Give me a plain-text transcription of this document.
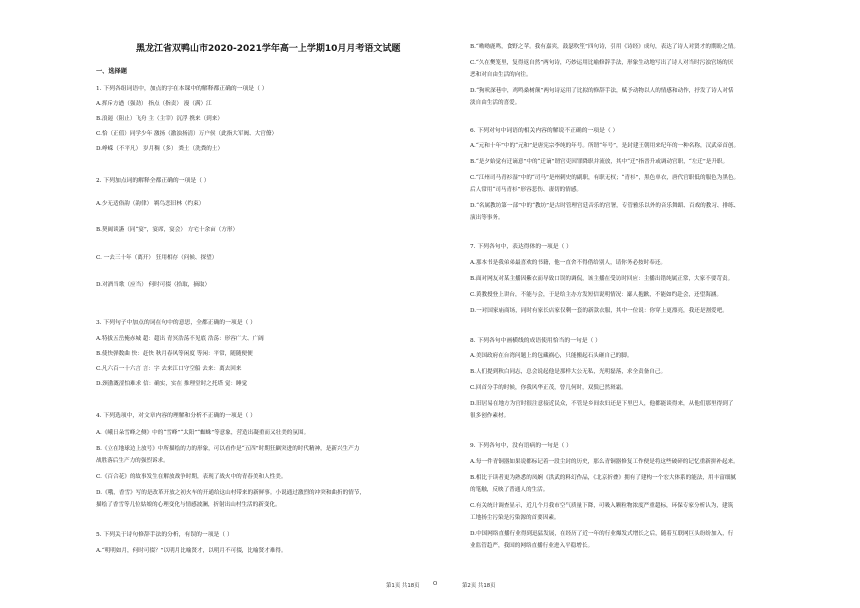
黑龙江省双鸭山市2020-2021学年高一上学期10月月考语文试题
一、选择题
1. 下列各组词语中，加点的字在本课中的解释都正确的一项是（ ）
A.挥斥方遒（强劲） 指点（指责） 漫（满）江
B.浪遏（阻止）飞舟 主（主宰）沉浮 携来（到来）
C.恰（正值）同学少年 激扬（激浊扬清）万户侯（此指大军阀、大官僚）
D.峥嵘（不平凡） 岁月稠（多） 粪土（洗粪的土）
2. 下列加点词的解释全都正确的一项是（ ）
A.少无适俗韵（韵律） 羁鸟恋旧林（约束）
B.契阔谈讌（同“宴”，宴席，宴会） 方宅十余亩（方形）
C. 一去三十年（离开） 狂用相存（问候、探望）
D.对酒当歌（应当） 何时可掇（拾取，摘取）
3. 下列句子中加点的词在句中的意思，全都正确的一项是（ ）
A.特拔五岳掩赤城 超：超出 青冥浩荡不见底 浩荡：形容广大、广阔
B.使快弹数曲 快：赶快 秋月春风等闲度 等闲：平常，随随便便
C.凡六百一十六言 言：字 去来江口守空船 去来：离去回来
D.颈渤溉涩怕难求 信：确实，实在 推理堂时之托塔 觉：睡觉
4. 下列选项中，对文章内容的理解和分析不正确的一项是（ ）
A.《峨日朵雪峰之侧》中的“雪峰”“太阳”“蜘蛛”等意象，营造出凝重而又壮美的氛围。
B.《立在地球边上放号》中所描绘的力的形象，可以看作是“五四”时期狂飙突进的时代精神，是新兴生产力
战胜落后生产力的强烈诉求。
C.《百合花》的故事发生在解放战争时期，表现了战火中的青春美和人性美。
D.《哦，香雪》写的是改革开放之初火车的开通给这山村带来的新鲜事。小说通过激烈的冲突和曲折的情节，
描绘了香雪等几位姑娘的心理变化与情感波澜，折射出山村生活的新变化。
5. 下列关于诗句修辞手法的分析，有误的一项是（ ）
A.“明明如月，何时可掇？”以明月比喻贤才，以明月不可掇，比喻贤才难得。
B.“呦呦鹿鸣，食野之苹。我有嘉宾，鼓瑟吹笙”四句诗，引用《诗经》成句，表达了诗人对贤才的期盼之情。
C.“久在樊笼里，复得返自然”两句诗，巧妙运用比喻修辞手法，形象生动地写出了诗人对当时污浊官场的厌
恶和对自由生活的向往。
D.“狗吠深巷中，鸡鸣桑树颠”两句诗运用了比拟的修辞手法，赋予动物以人的情感和动作，抒发了诗人对恬
淡自由生活的喜爱。
6. 下列对句中词语的相关内容的解说不正确的一项是（ ）
A.“元和十年”中的“元和”是唐宪宗李纯的年号。所谓“年号”，是封建王朝用来纪年的一种名称，汉武帝首创。
B.“是夕始觉有迁谪意”中的“迁谪”谓官吏因罪降职并流放，其中“迁”指晋升或调动官职，“左迁”是升职。
C.“江州司马青衫湿”中的“司马”是州刺史的副职，有职无权；“青衫”，黑色单衣，唐代官职低的服色为黑色。
后人常用“司马青衫”形容悲伤、凄切的情感。
D.“名属教坊第一部”中的“教坊”是古时管理宫廷音乐的官署，专管雅乐以外的音乐舞蹈、百戏的教习、排练、
演出等事务。
7. 下列各句中，表达得体的一项是（ ）
A.那本书是我弟弟最喜欢的书籍，他一直舍不得借给别人，请你务必按时奉还。
B.面对网友对某主播因紫衣而导致口误的调侃，该主播在受访时回应：主播出错纯属正常，大家不要苛责。
C.黄教授登上讲台，不能与会，于是给主办方发短信说明情况：鄙人抱歉，不能如约赴会，还望海涵。
D.一对国家庙商场，同时有家长店家仅剩一套的新款衣服，其中一位说：你穿上更漂亮，我还是割爱吧。
8. 下列各句中画横线的成语使用恰当的一句是（ ）
A.美国政府在台湾问题上的包藏祸心，只能搬起石头砸自己的脚。
B.人们提到秋白同志，总会说起他是那样大公无私，光明磊落，求全责备自己。
C.回首分手的时候，你我风华正茂，曾几何时，双鬓已然斑霜。
D.旧居易在地方为官时很注意接近民众，不管是乡间农妇还是下里巴人，他都能谈得来，从他们那里得到了
很多创作素材。
9. 下列各句中，没有语病的一句是（ ）
A.每一件青铜器如果说都标记着一段尘封的历史，那么青铜器修复工作便是将这些破碎的记忆重新拼补起来。
B.相比于读者更为熟悉的凤娴《洪武的料幻作品，《北京折叠》拥有了建构一个宏大体系的能法，用丰富细腻
的笔触，反映了普通人的生活。
C.有关统计调查显示，近几个月我市空气质量下降，可吸入颗粒物浓度严重超标，环保专家分析认为，建筑
工地扬尘污染是污染源的首要因素。
D.中国网络直播行业得到迅猛发展，在经历了近一年的行业爆发式增长之后，随着互联网巨头纷纷加入，行
业监管趋严，我国的网络直播行业进入平稳增长。
第1页 共18页 O	第2页 共18页
